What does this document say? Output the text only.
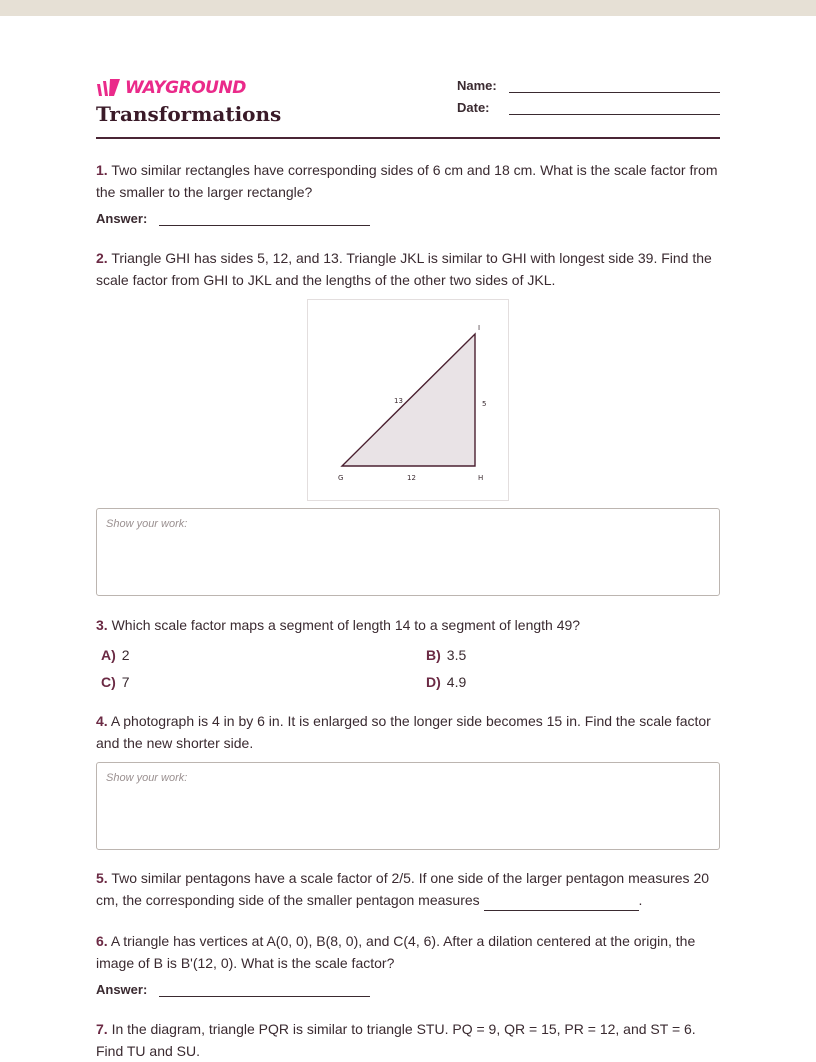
WAYGROUND
Transformations
Name:
Date:
1. Two similar rectangles have corresponding sides of 6 cm and 18 cm. What is the scale factor from the smaller to the larger rectangle?
Answer:
2. Triangle GHI has sides 5, 12, and 13. Triangle JKL is similar to GHI with longest side 39. Find the scale factor from GHI to JKL and the lengths of the other two sides of JKL.
G	H
I
13	5
12
Show your work:
3. Which scale factor maps a segment of length 14 to a segment of length 49?
A) 2	B) 3.5
C) 7	D) 4.9
4. A photograph is 4 in by 6 in. It is enlarged so the longer side becomes 15 in. Find the scale factor and the new shorter side.
Show your work:
5. Two similar pentagons have a scale factor of 2/5. If one side of the larger pentagon measures 20 cm, the corresponding side of the smaller pentagon measures	.
6. A triangle has vertices at A(0, 0), B(8, 0), and C(4, 6). After a dilation centered at the origin, the image of B is B'(12, 0). What is the scale factor?
Answer:
7. In the diagram, triangle PQR is similar to triangle STU. PQ = 9, QR = 15, PR = 12, and ST = 6. Find TU and SU.
